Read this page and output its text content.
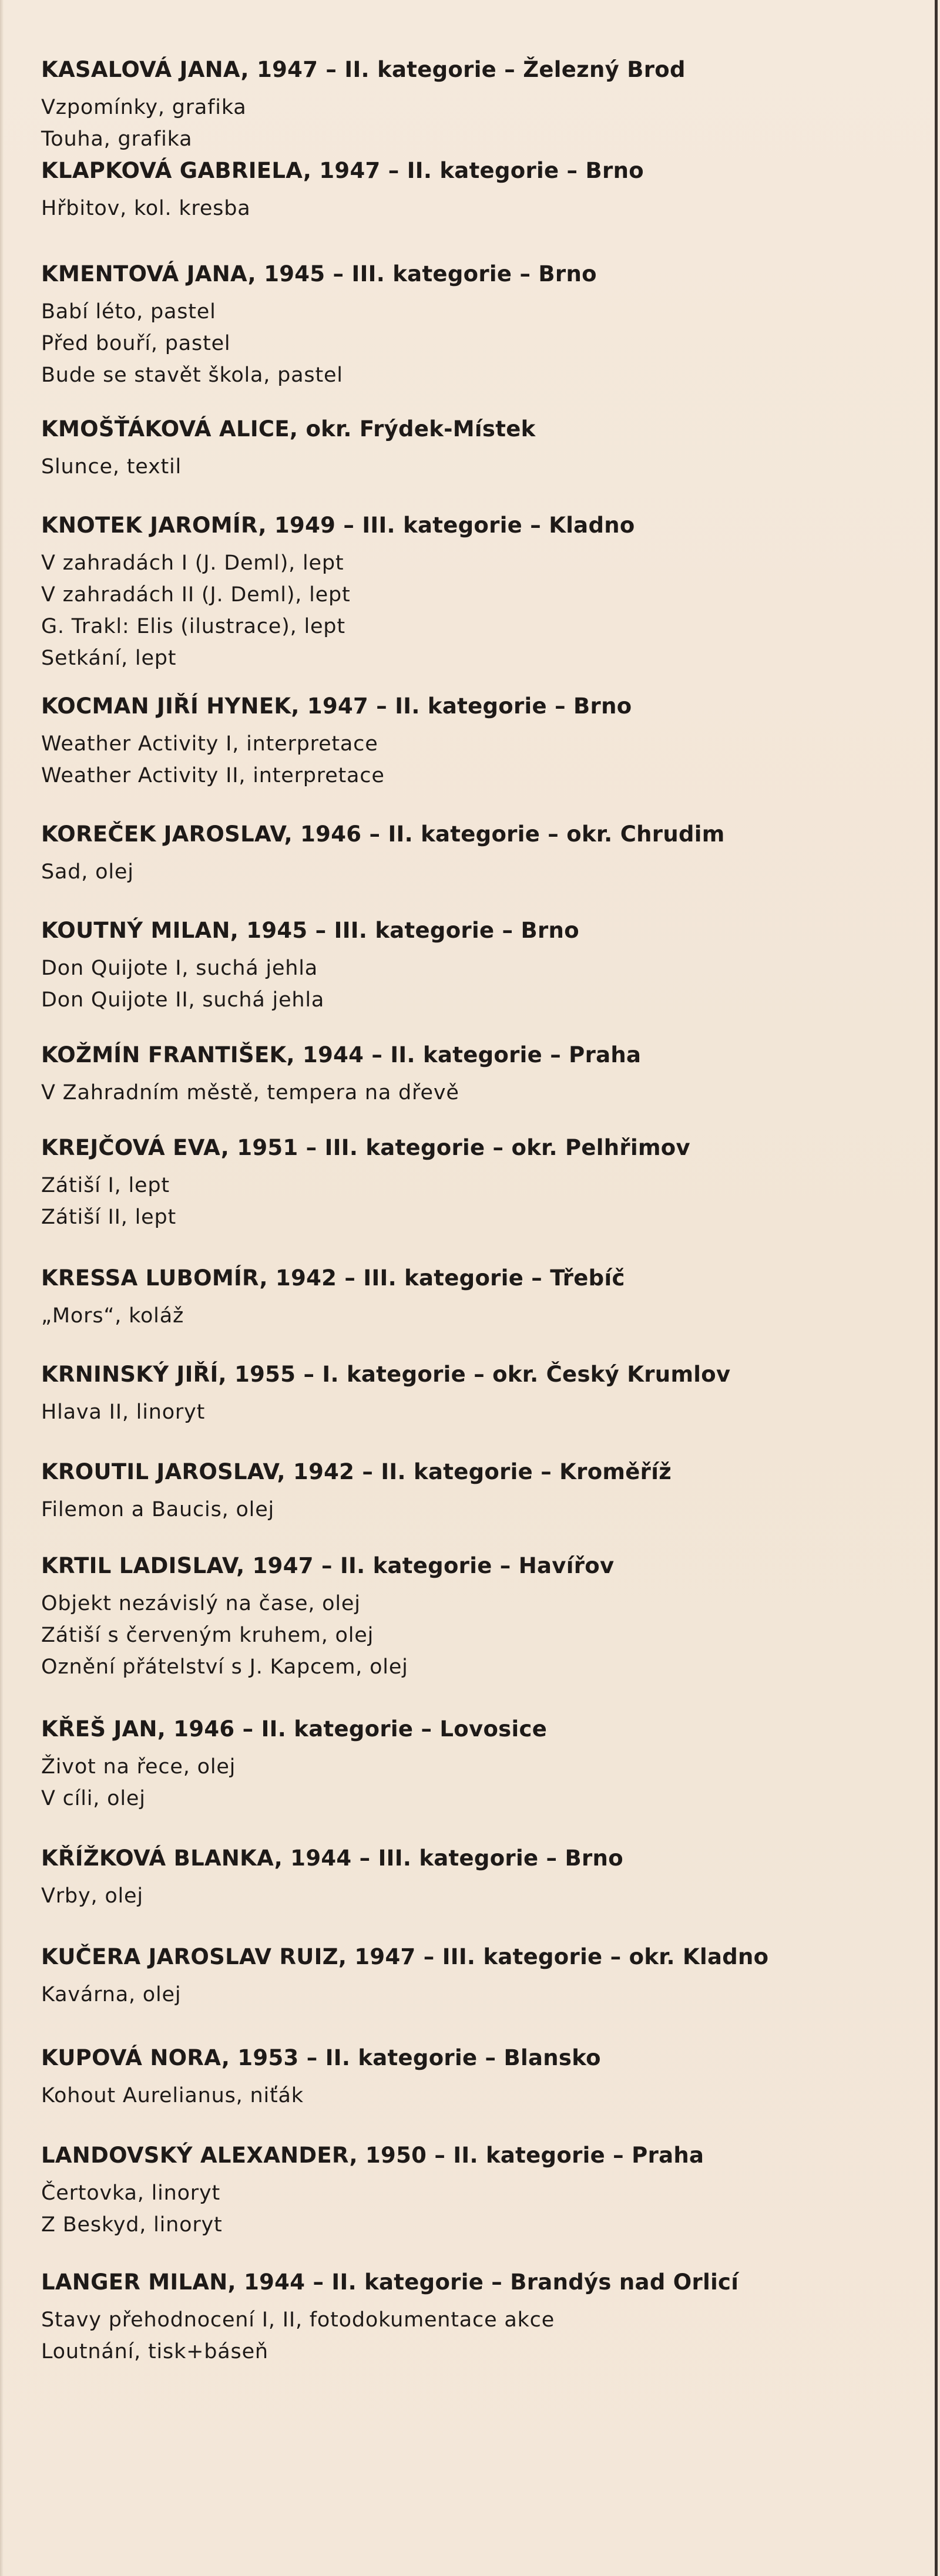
KASALOVÁ JANA, 1947 – II. kategorie – Železný Brod

Vzpomínky, grafika

Touha, grafika

KLAPKOVÁ GABRIELA, 1947 – II. kategorie – Brno

Hřbitov, kol. kresba

KMENTOVÁ JANA, 1945 – III. kategorie – Brno

Babí léto, pastel

Před bouří, pastel

Bude se stavět škola, pastel

KMOŠŤÁKOVÁ ALICE, okr. Frýdek-Místek

Slunce, textil

KNOTEK JAROMÍR, 1949 – III. kategorie – Kladno

V zahradách I (J. Deml), lept

V zahradách II (J. Deml), lept

G. Trakl: Elis (ilustrace), lept

Setkání, lept

KOCMAN JIŘÍ HYNEK, 1947 – II. kategorie – Brno

Weather Activity I, interpretace

Weather Activity II, interpretace

KOREČEK JAROSLAV, 1946 – II. kategorie – okr. Chrudim

Sad, olej

KOUTNÝ MILAN, 1945 – III. kategorie – Brno

Don Quijote I, suchá jehla

Don Quijote II, suchá jehla

KOŽMÍN FRANTIŠEK, 1944 – II. kategorie – Praha

V Zahradním městě, tempera na dřevě

KREJČOVÁ EVA, 1951 – III. kategorie – okr. Pelhřimov

Zátiší I, lept

Zátiší II, lept

KRESSA LUBOMÍR, 1942 – III. kategorie – Třebíč

„Mors“, koláž

KRNINSKÝ JIŘÍ, 1955 – I. kategorie – okr. Český Krumlov

Hlava II, linoryt

KROUTIL JAROSLAV, 1942 – II. kategorie – Kroměříž

Filemon a Baucis, olej

KRTIL LADISLAV, 1947 – II. kategorie – Havířov

Objekt nezávislý na čase, olej

Zátiší s červeným kruhem, olej

Oznění přátelství s J. Kapcem, olej

KŘEŠ JAN, 1946 – II. kategorie – Lovosice

Život na řece, olej

V cíli, olej

KŘÍŽKOVÁ BLANKA, 1944 – III. kategorie – Brno

Vrby, olej

KUČERA JAROSLAV RUIZ, 1947 – III. kategorie – okr. Kladno

Kavárna, olej

KUPOVÁ NORA, 1953 – II. kategorie – Blansko

Kohout Aurelianus, niťák

LANDOVSKÝ ALEXANDER, 1950 – II. kategorie – Praha

Čertovka, linoryt

Z Beskyd, linoryt

LANGER MILAN, 1944 – II. kategorie – Brandýs nad Orlicí

Stavy přehodnocení I, II, fotodokumentace akce

Loutnání, tisk+báseň
